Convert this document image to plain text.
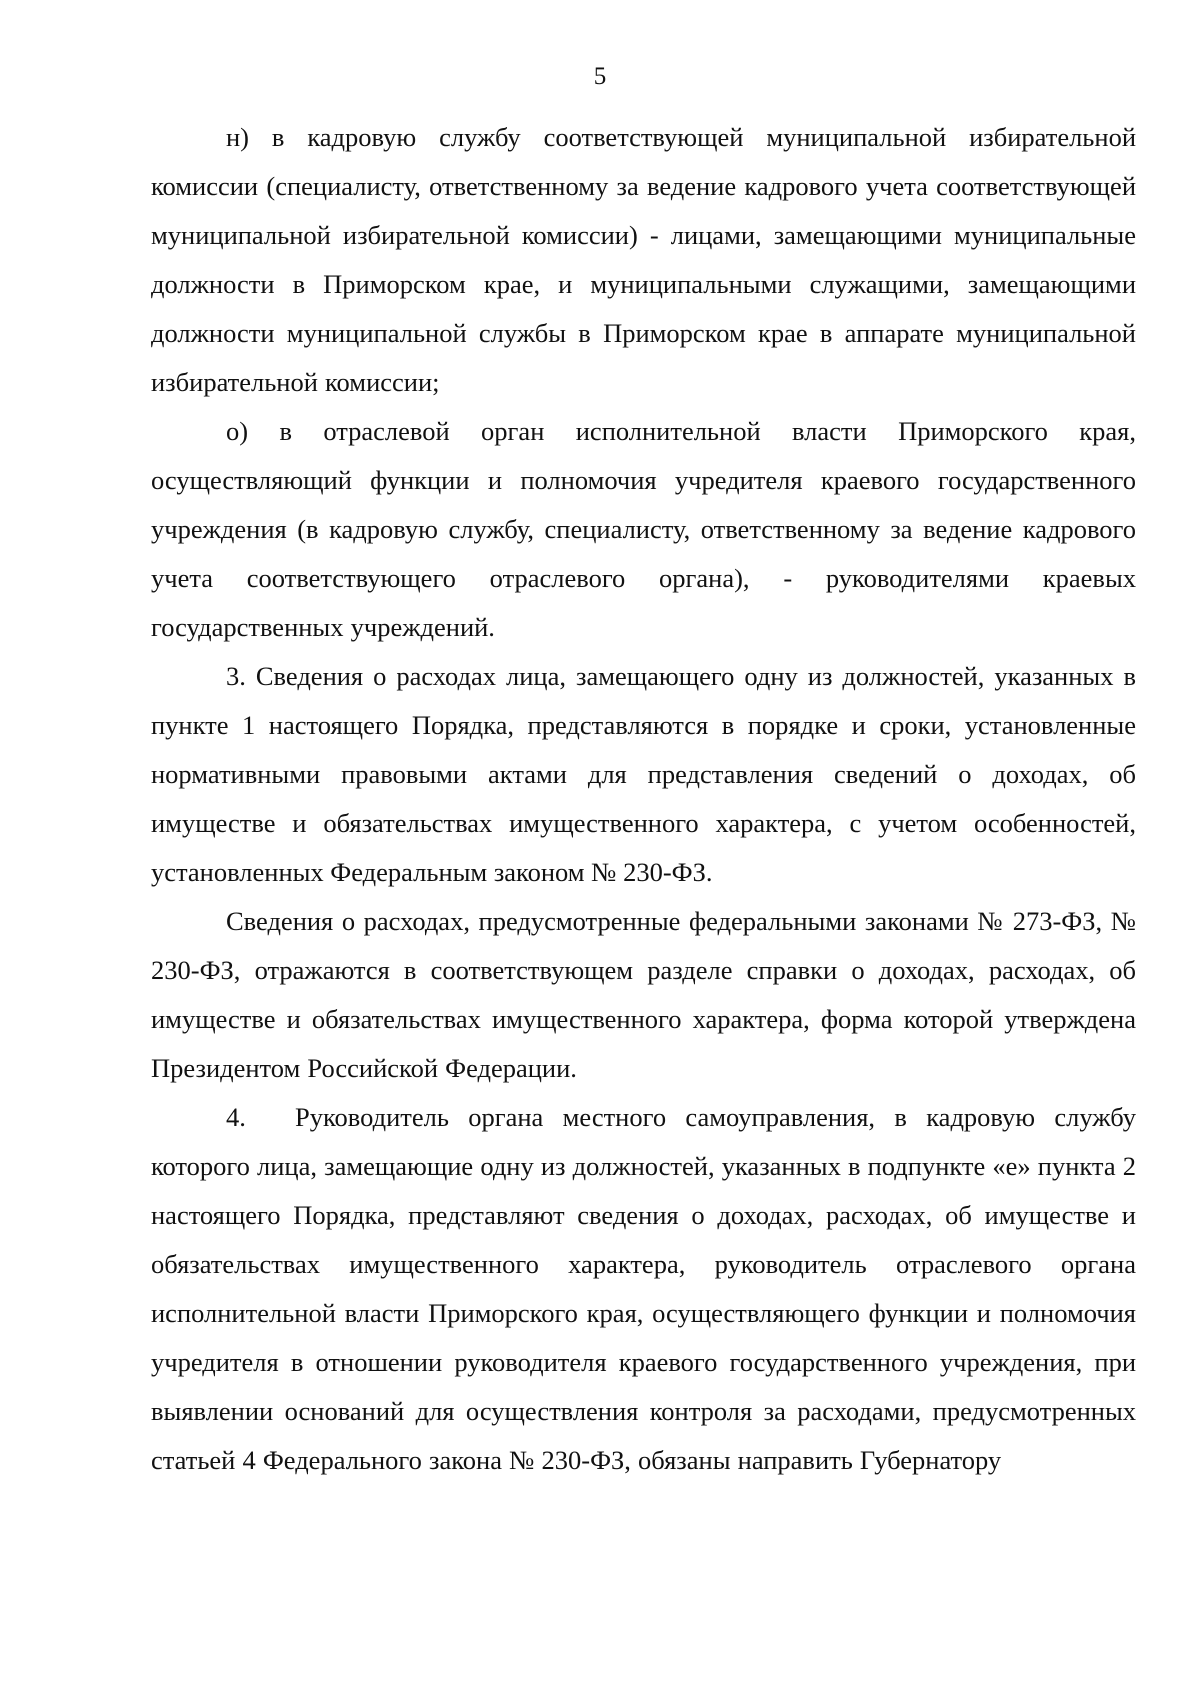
5

н) в кадровую службу соответствующей муниципальной избирательной комиссии (специалисту, ответственному за ведение кадрового учета соответствующей муниципальной избирательной комиссии) - лицами, замещающими муниципальные должности в Приморском крае, и муниципальными служащими, замещающими должности муниципальной службы в Приморском крае в аппарате муниципальной избирательной комиссии;

о) в отраслевой орган исполнительной власти Приморского края, осуществляющий функции и полномочия учредителя краевого государственного учреждения (в кадровую службу, специалисту, ответственному за ведение кадрового учета соответствующего отраслевого органа), - руководителями краевых государственных учреждений.

3. Сведения о расходах лица, замещающего одну из должностей, указанных в пункте 1 настоящего Порядка, представляются в порядке и сроки, установленные нормативными правовыми актами для представления сведений о доходах, об имуществе и обязательствах имущественного характера, с учетом особенностей, установленных Федеральным законом № 230-ФЗ.

Сведения о расходах, предусмотренные федеральными законами № 273-ФЗ, № 230-ФЗ, отражаются в соответствующем разделе справки о доходах, расходах, об имуществе и обязательствах имущественного характера, форма которой утверждена Президентом Российской Федерации.

4. Руководитель органа местного самоуправления, в кадровую службу которого лица, замещающие одну из должностей, указанных в подпункте «е» пункта 2 настоящего Порядка, представляют сведения о доходах, расходах, об имуществе и обязательствах имущественного характера, руководитель отраслевого органа исполнительной власти Приморского края, осуществляющего функции и полномочия учредителя в отношении руководителя краевого государственного учреждения, при выявлении оснований для осуществления контроля за расходами, предусмотренных статьей 4 Федерального закона № 230-ФЗ, обязаны направить Губернатору
